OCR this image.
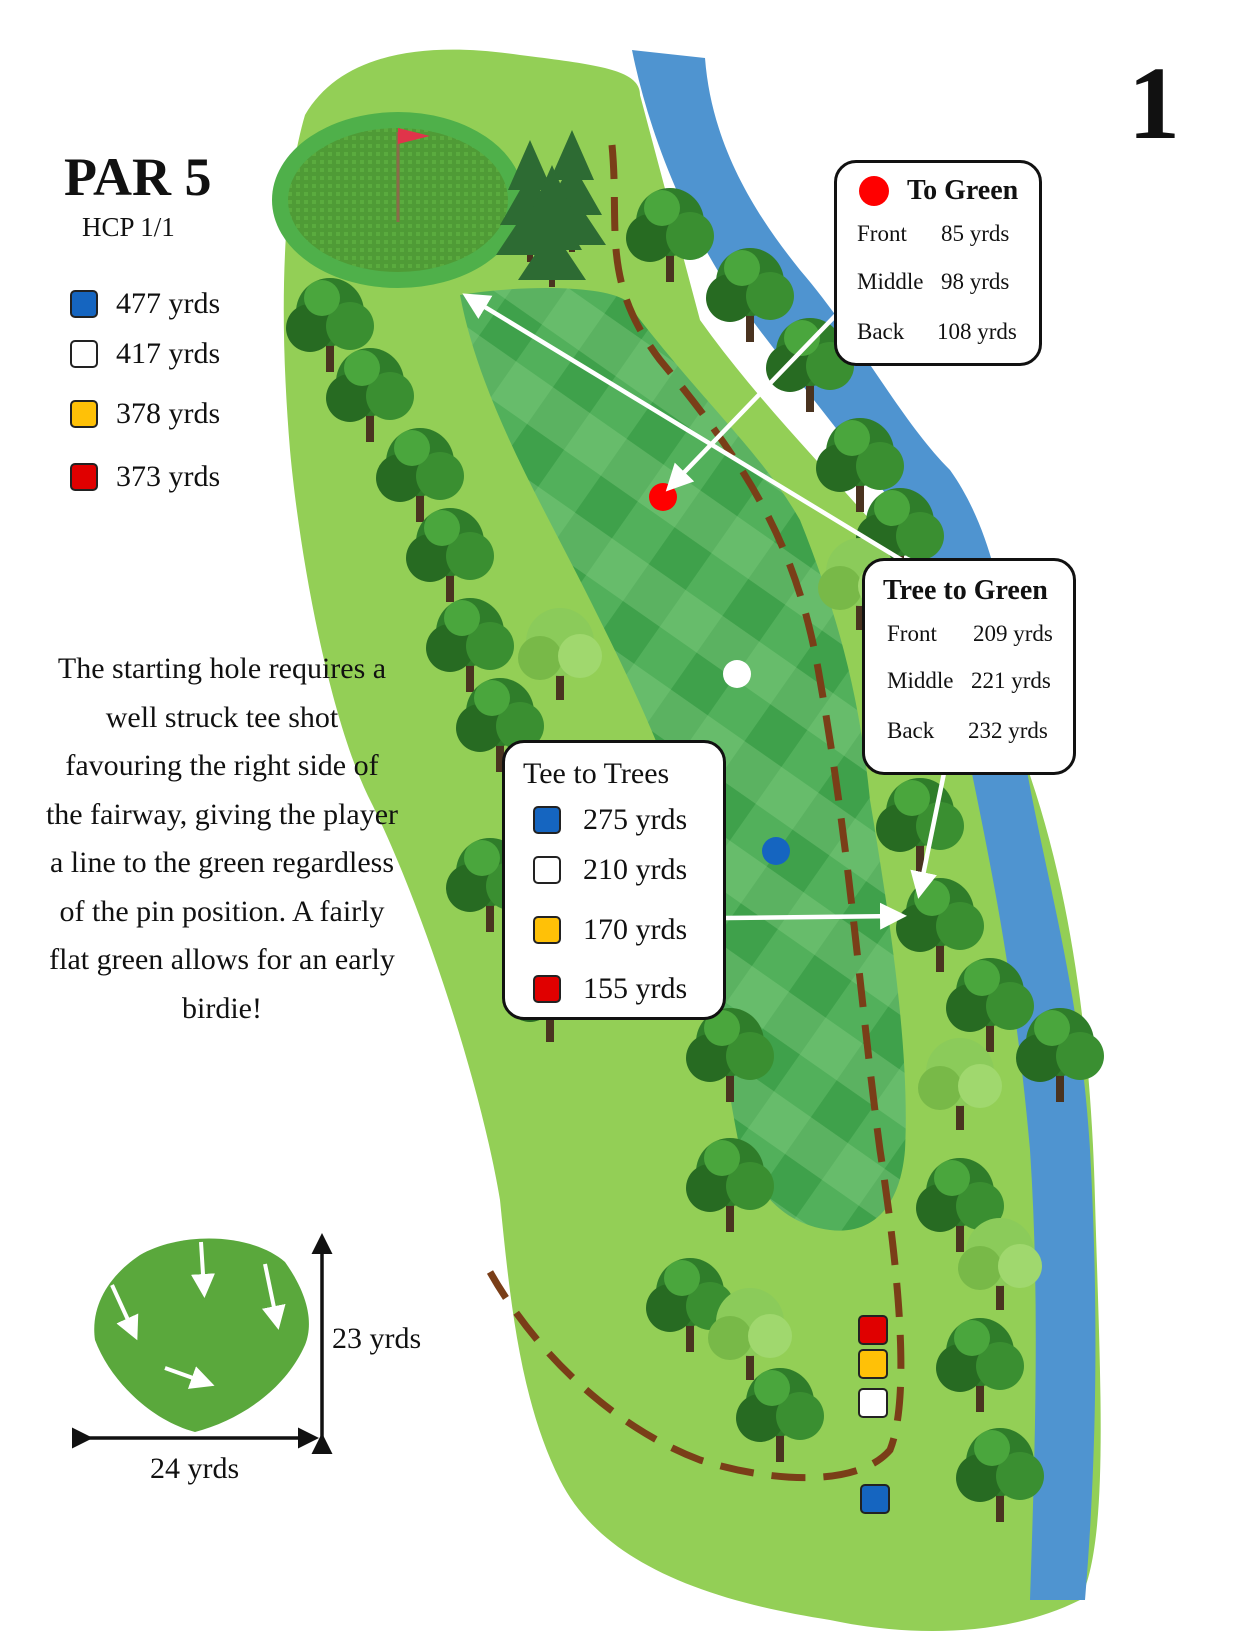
1
PAR 5
HCP 1/1
477 yrds
417 yrds
378 yrds
373 yrds
The starting hole requires a well struck tee shot favouring the right side of the fairway, giving the player a line to the green regardless of the pin position. A fairly flat green allows for an early birdie!
To Green
Front 85 yrds
Middle 98 yrds
Back 108 yrds
Tree to Green
Front 209 yrds
Middle 221 yrds
Back 232 yrds
Tee to Trees
275 yrds
210 yrds
170 yrds
155 yrds
23 yrds
24 yrds
